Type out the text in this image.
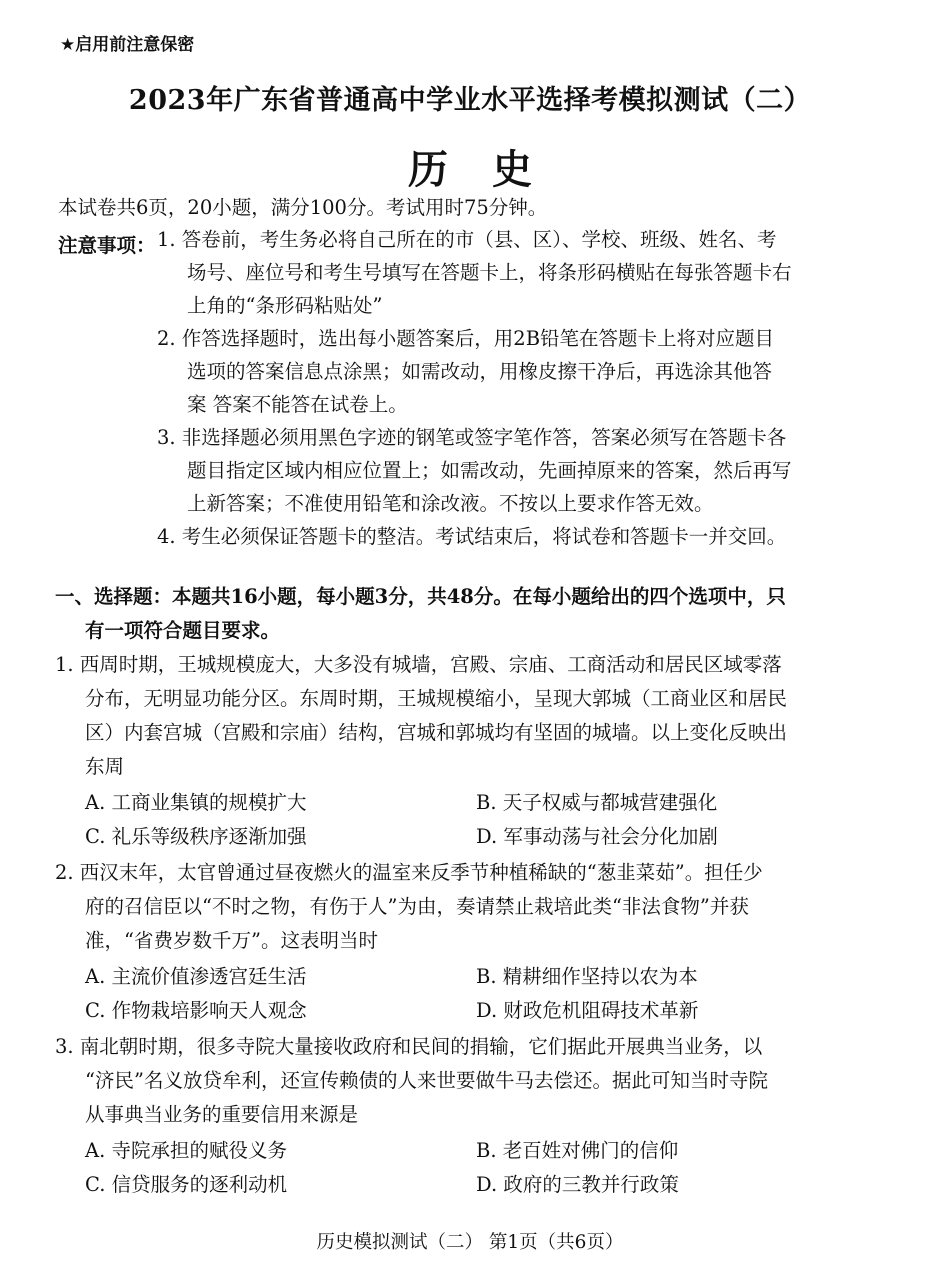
★启用前注意保密
2023年广东省普通高中学业水平选择考模拟测试（二）
历史
本试卷共6页，20小题，满分100分。考试用时75分钟。
注意事项： 1. 答卷前，考生务必将自己所在的市（县、区）、学校、班级、姓名、考
场号、座位号和考生号填写在答题卡上，将条形码横贴在每张答题卡右
上角的“条形码粘贴处”
2. 作答选择题时，选出每小题答案后，用2B铅笔在答题卡上将对应题目
选项的答案信息点涂黑；如需改动，用橡皮擦干净后，再选涂其他答
案 答案不能答在试卷上。
3. 非选择题必须用黑色字迹的钢笔或签字笔作答，答案必须写在答题卡各
题目指定区域内相应位置上；如需改动，先画掉原来的答案，然后再写
上新答案；不准使用铅笔和涂改液。不按以上要求作答无效。
4. 考生必须保证答题卡的整洁。考试结束后，将试卷和答题卡一并交回。
一、选择题：本题共16小题，每小题3分，共48分。在每小题给出的四个选项中，只
有一项符合题目要求。
1. 西周时期，王城规模庞大，大多没有城墙，宫殿、宗庙、工商活动和居民区域零落
分布，无明显功能分区。东周时期，王城规模缩小，呈现大郭城（工商业区和居民
区）内套宫城（宫殿和宗庙）结构，宫城和郭城均有坚固的城墙。以上变化反映出
东周
A. 工商业集镇的规模扩大	B. 天子权威与都城营建强化
C. 礼乐等级秩序逐渐加强	D. 军事动荡与社会分化加剧
2. 西汉末年，太官曾通过昼夜燃火的温室来反季节种植稀缺的“葱韭菜茹”。担任少
府的召信臣以“不时之物，有伤于人”为由，奏请禁止栽培此类“非法食物”并获
准，“省费岁数千万”。这表明当时
A. 主流价值渗透宫廷生活	B. 精耕细作坚持以农为本
C. 作物栽培影响天人观念	D. 财政危机阻碍技术革新
3. 南北朝时期，很多寺院大量接收政府和民间的捐输，它们据此开展典当业务，以
“济民”名义放贷牟利，还宣传赖债的人来世要做牛马去偿还。据此可知当时寺院
从事典当业务的重要信用来源是
A. 寺院承担的赋役义务	B. 老百姓对佛门的信仰
C. 信贷服务的逐利动机	D. 政府的三教并行政策
历史模拟测试（二） 第1页（共6页）
